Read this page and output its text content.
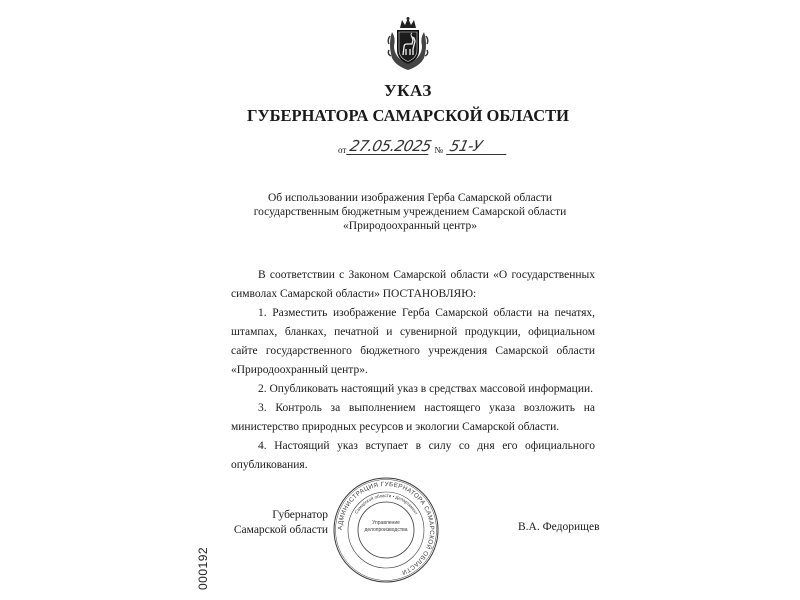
УКАЗ
ГУБЕРНАТОРА САМАРСКОЙ ОБЛАСТИ
от 27.05.2025 № 51-У
Об использовании изображения Герба Самарской области
государственным бюджетным учреждением Самарской области
«Природоохранный центр»

В соответствии с Законом Самарской области «О государственных символах Самарской области» ПОСТАНОВЛЯЮ:

1. Разместить изображение Герба Самарской области на печатях, штампах, бланках, печатной и сувенирной продукции, официальном сайте государственного бюджетного учреждения Самарской области «Природоохранный центр».

2. Опубликовать настоящий указ в средствах массовой информации.

3. Контроль за выполнением настоящего указа возложить на министерство природных ресурсов и экологии Самарской области.

4. Настоящий указ вступает в силу со дня его официального опубликования.

АДМИНИСТРАЦИЯ ГУБЕРНАТОРА САМАРСКОЙ ОБЛАСТИ
Самарской области • Департамент
Управление делопроизводства
Губернатор
Самарской области	В.А. Федорищев
000192
